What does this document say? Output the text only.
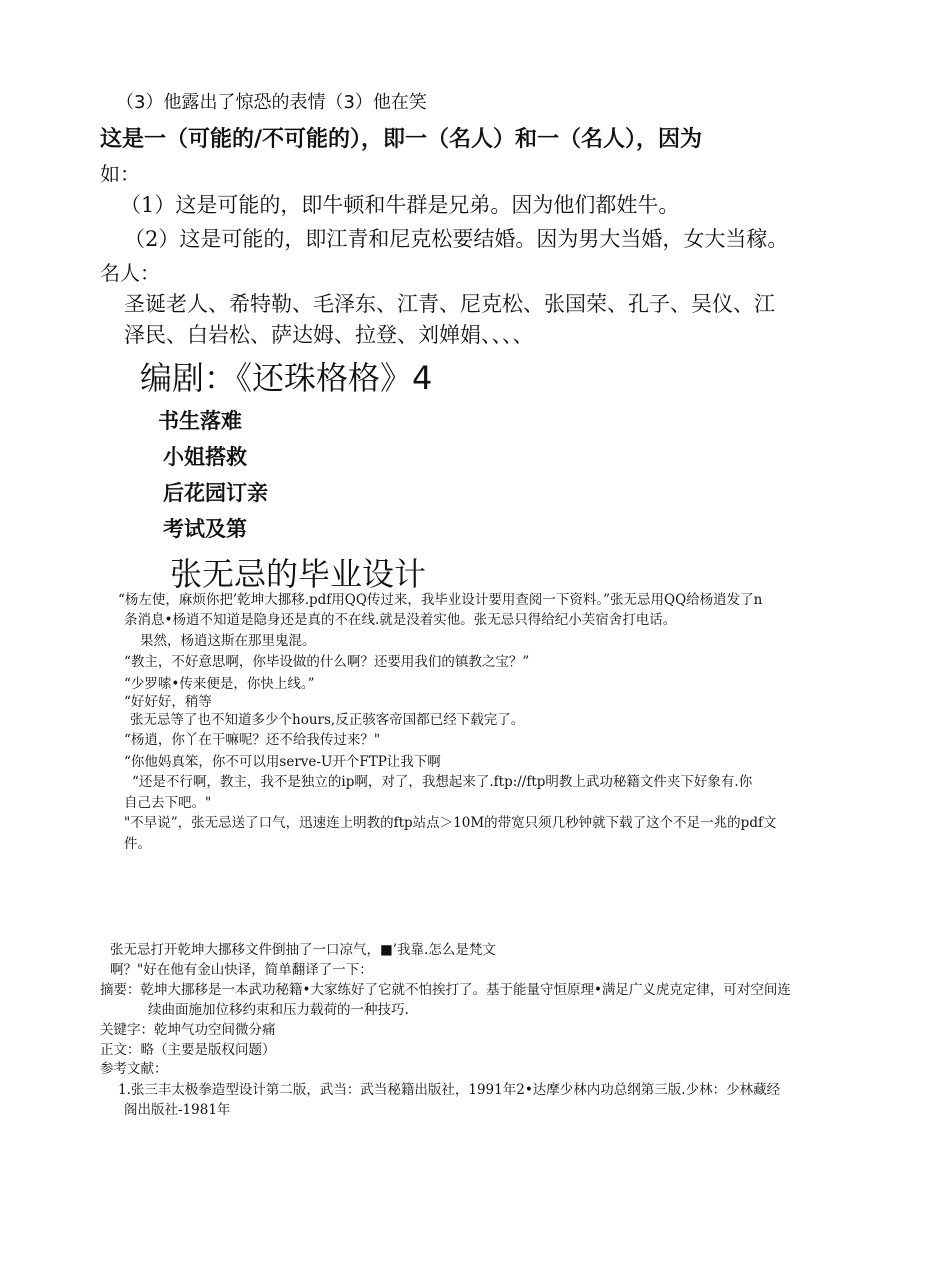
（3）他露出了惊恐的表情（3）他在笑

这是一（可能的/不可能的），即一（名人）和一（名人），因为

如：

（1）这是可能的，即牛顿和牛群是兄弟。因为他们都姓牛。

（2）这是可能的，即江青和尼克松要结婚。因为男大当婚，女大当稼。

名人：

圣诞老人、希特勒、毛泽东、江青、尼克松、张国荣、孔子、吴仪、江

泽民、白岩松、萨达姆、拉登、刘婵娟、、、、

编剧：《还珠格格》4

书生落难

小姐搭救

后花园订亲

考试及第

张无忌的毕业设计

“杨左使，麻烦你把’乾坤大挪移.pdf用QQ传过来，我毕业设计要用查阅一下资料。”张无忌用QQ给杨逍发了n

条消息•杨逍不知道是隐身还是真的不在线.就是没着实他。张无忌只得给纪小芙宿舍打电话。

果然，杨逍这斯在那里鬼混。

“教主，不好意思啊，你毕设做的什么啊？还要用我们的镇教之宝？”

“少罗嗦•传来便是，你快上线。”

“好好好，稍等

张无忌等了也不知道多少个hours,反正骇客帝国都已经下载完了。

“杨逍，你丫在干嘛呢？还不给我传过来？"

“你他妈真笨，你不可以用serve-U开个FTP让我下啊

“还是不行啊，教主，我不是独立的ip啊，对了，我想起来了.ftp://ftp明教上武功秘籍文件夹下好象有.你

自己去下吧。"

"不早说”，张无忌送了口气，迅速连上明教的ftp站点＞10M的带宽只须几秒钟就下载了这个不足一兆的pdf文

件。

张无忌打开乾坤大挪移文件倒抽了一口凉气，■’我靠.怎么是梵文

啊？"好在他有金山快译，简单翻译了一下：

摘要：乾坤大挪移是一本武功秘籍•大家练好了它就不怕挨打了。基于能量守恒原理•满足广义虎克定律，可对空间连

续曲面施加位移约束和压力载荷的一种技巧.

关键字：乾坤气功空间微分痛

正文：略（主要是版权问题）

参考文献：

1.张三丰太极拳造型设计第二版，武当：武当秘籍出版社，1991年2•达摩少林内功总纲第三版.少林：少林藏经

阁出版社-1981年
